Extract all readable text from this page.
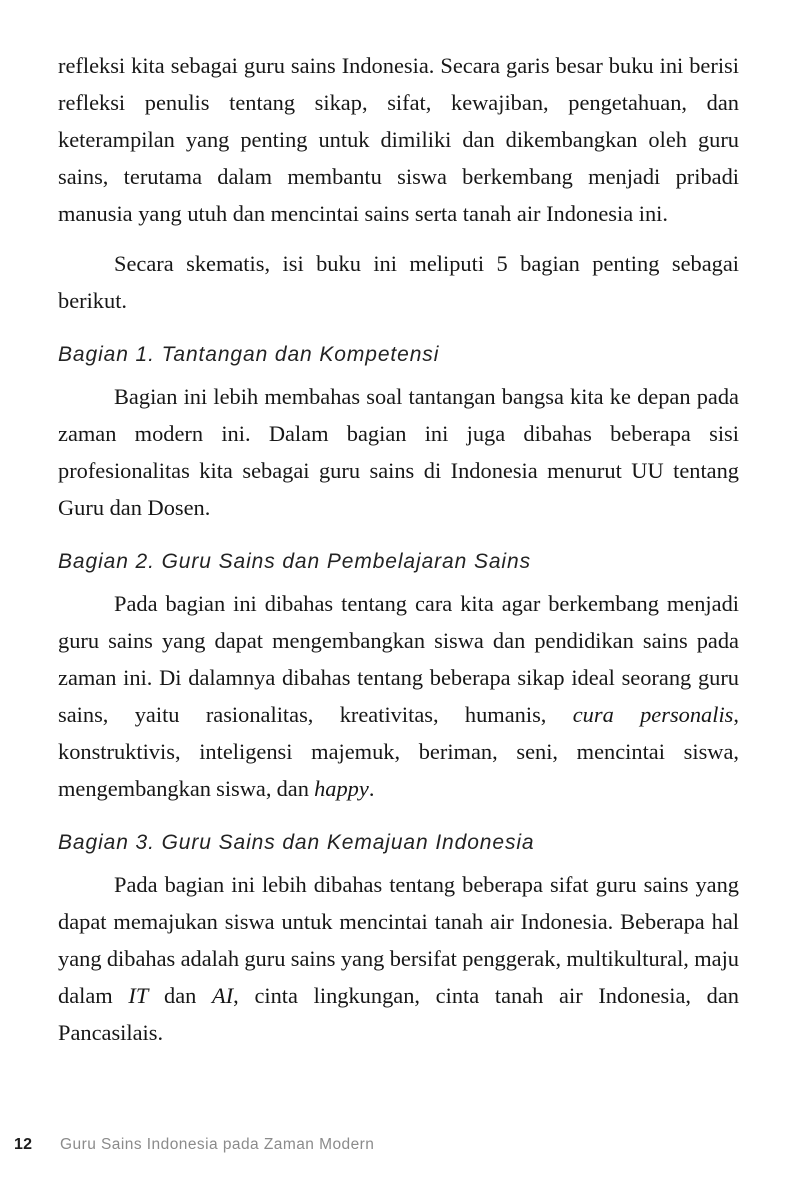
refleksi kita sebagai guru sains Indonesia. Secara garis besar buku ini berisi refleksi penulis tentang sikap, sifat, kewajiban, pengetahuan, dan keterampilan yang penting untuk dimiliki dan dikembangkan oleh guru sains, terutama dalam membantu siswa berkembang menjadi pribadi manusia yang utuh dan mencintai sains serta tanah air Indonesia ini.

Secara skematis, isi buku ini meliputi 5 bagian penting sebagai berikut.

Bagian 1. Tantangan dan Kompetensi

Bagian ini lebih membahas soal tantangan bangsa kita ke depan pada zaman modern ini. Dalam bagian ini juga dibahas beberapa sisi profesionalitas kita sebagai guru sains di Indonesia menurut UU tentang Guru dan Dosen.

Bagian 2. Guru Sains dan Pembelajaran Sains

Pada bagian ini dibahas tentang cara kita agar berkembang menjadi guru sains yang dapat mengembangkan siswa dan pendidikan sains pada zaman ini. Di dalamnya dibahas tentang beberapa sikap ideal seorang guru sains, yaitu rasionalitas, kreativitas, humanis, cura personalis, konstruktivis, inteligensi majemuk, beriman, seni, mencintai siswa, mengembangkan siswa, dan happy.

Bagian 3. Guru Sains dan Kemajuan Indonesia

Pada bagian ini lebih dibahas tentang beberapa sifat guru sains yang dapat memajukan siswa untuk mencintai tanah air Indonesia. Beberapa hal yang dibahas adalah guru sains yang bersifat penggerak, multikultural, maju dalam IT dan AI, cinta lingkungan, cinta tanah air Indonesia, dan Pancasilais.

12	Guru Sains Indonesia pada Zaman Modern
